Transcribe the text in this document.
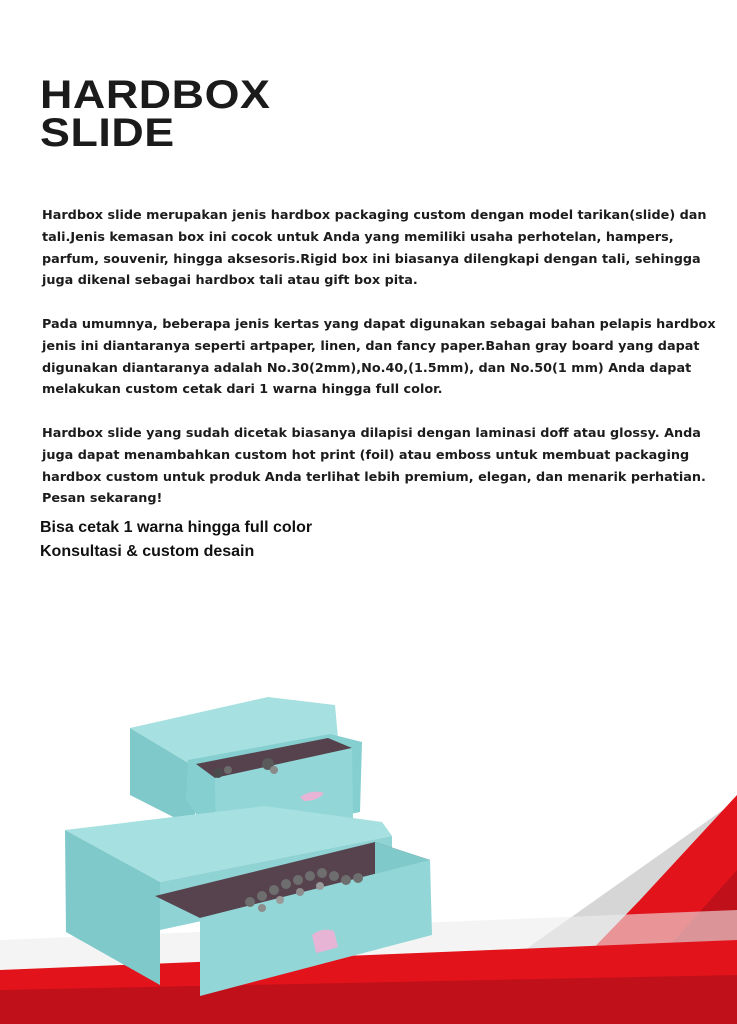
HARDBOX
SLIDE

Hardbox slide merupakan jenis hardbox packaging custom dengan model tarikan(slide) dan tali.Jenis kemasan box ini cocok untuk Anda yang memiliki usaha perhotelan, hampers, parfum, souvenir, hingga aksesoris.Rigid box ini biasanya dilengkapi dengan tali, sehingga juga dikenal sebagai hardbox tali atau gift box pita.

Pada umumnya, beberapa jenis kertas yang dapat digunakan sebagai bahan pelapis hardbox jenis ini diantaranya seperti artpaper, linen, dan fancy paper.Bahan gray board yang dapat digunakan diantaranya adalah No.30(2mm),No.40,(1.5mm), dan No.50(1 mm) Anda dapat melakukan custom cetak dari 1 warna hingga full color.

Hardbox slide yang sudah dicetak biasanya dilapisi dengan laminasi doff atau glossy. Anda juga dapat menambahkan custom hot print (foil) atau emboss untuk membuat packaging hardbox custom untuk produk Anda terlihat lebih premium, elegan, dan menarik perhatian. Pesan sekarang!

Bisa cetak 1 warna hingga full color
Konsultasi & custom desain
